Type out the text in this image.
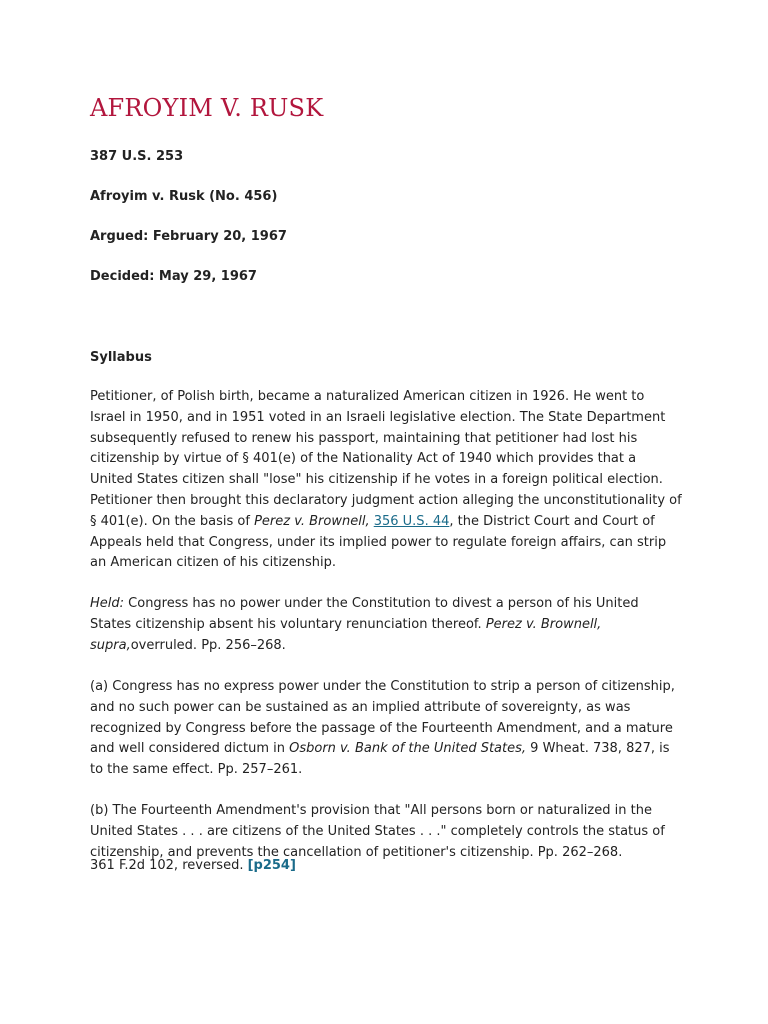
AFROYIM V. RUSK

387 U.S. 253

Afroyim v. Rusk (No. 456)

Argued: February 20, 1967

Decided: May 29, 1967

Syllabus

Petitioner, of Polish birth, became a naturalized American citizen in 1926. He went to Israel in 1950, and in 1951 voted in an Israeli legislative election. The State Department subsequently refused to renew his passport, maintaining that petitioner had lost his citizenship by virtue of § 401(e) of the Nationality Act of 1940 which provides that a United States citizen shall "lose" his citizenship if he votes in a foreign political election. Petitioner then brought this declaratory judgment action alleging the unconstitutionality of § 401(e). On the basis of Perez v. Brownell, 356 U.S. 44, the District Court and Court of Appeals held that Congress, under its implied power to regulate foreign affairs, can strip an American citizen of his citizenship.

Held: Congress has no power under the Constitution to divest a person of his United States citizenship absent his voluntary renunciation thereof. Perez v. Brownell, supra,overruled. Pp. 256–268.

(a) Congress has no express power under the Constitution to strip a person of citizenship, and no such power can be sustained as an implied attribute of sovereignty, as was recognized by Congress before the passage of the Fourteenth Amendment, and a mature and well considered dictum in Osborn v. Bank of the United States, 9 Wheat. 738, 827, is to the same effect. Pp. 257–261.

(b) The Fourteenth Amendment's provision that "All persons born or naturalized in the United States . . . are citizens of the United States . . ." completely controls the status of citizenship, and prevents the cancellation of petitioner's citizenship. Pp. 262–268.

361 F.2d 102, reversed. [p254]
